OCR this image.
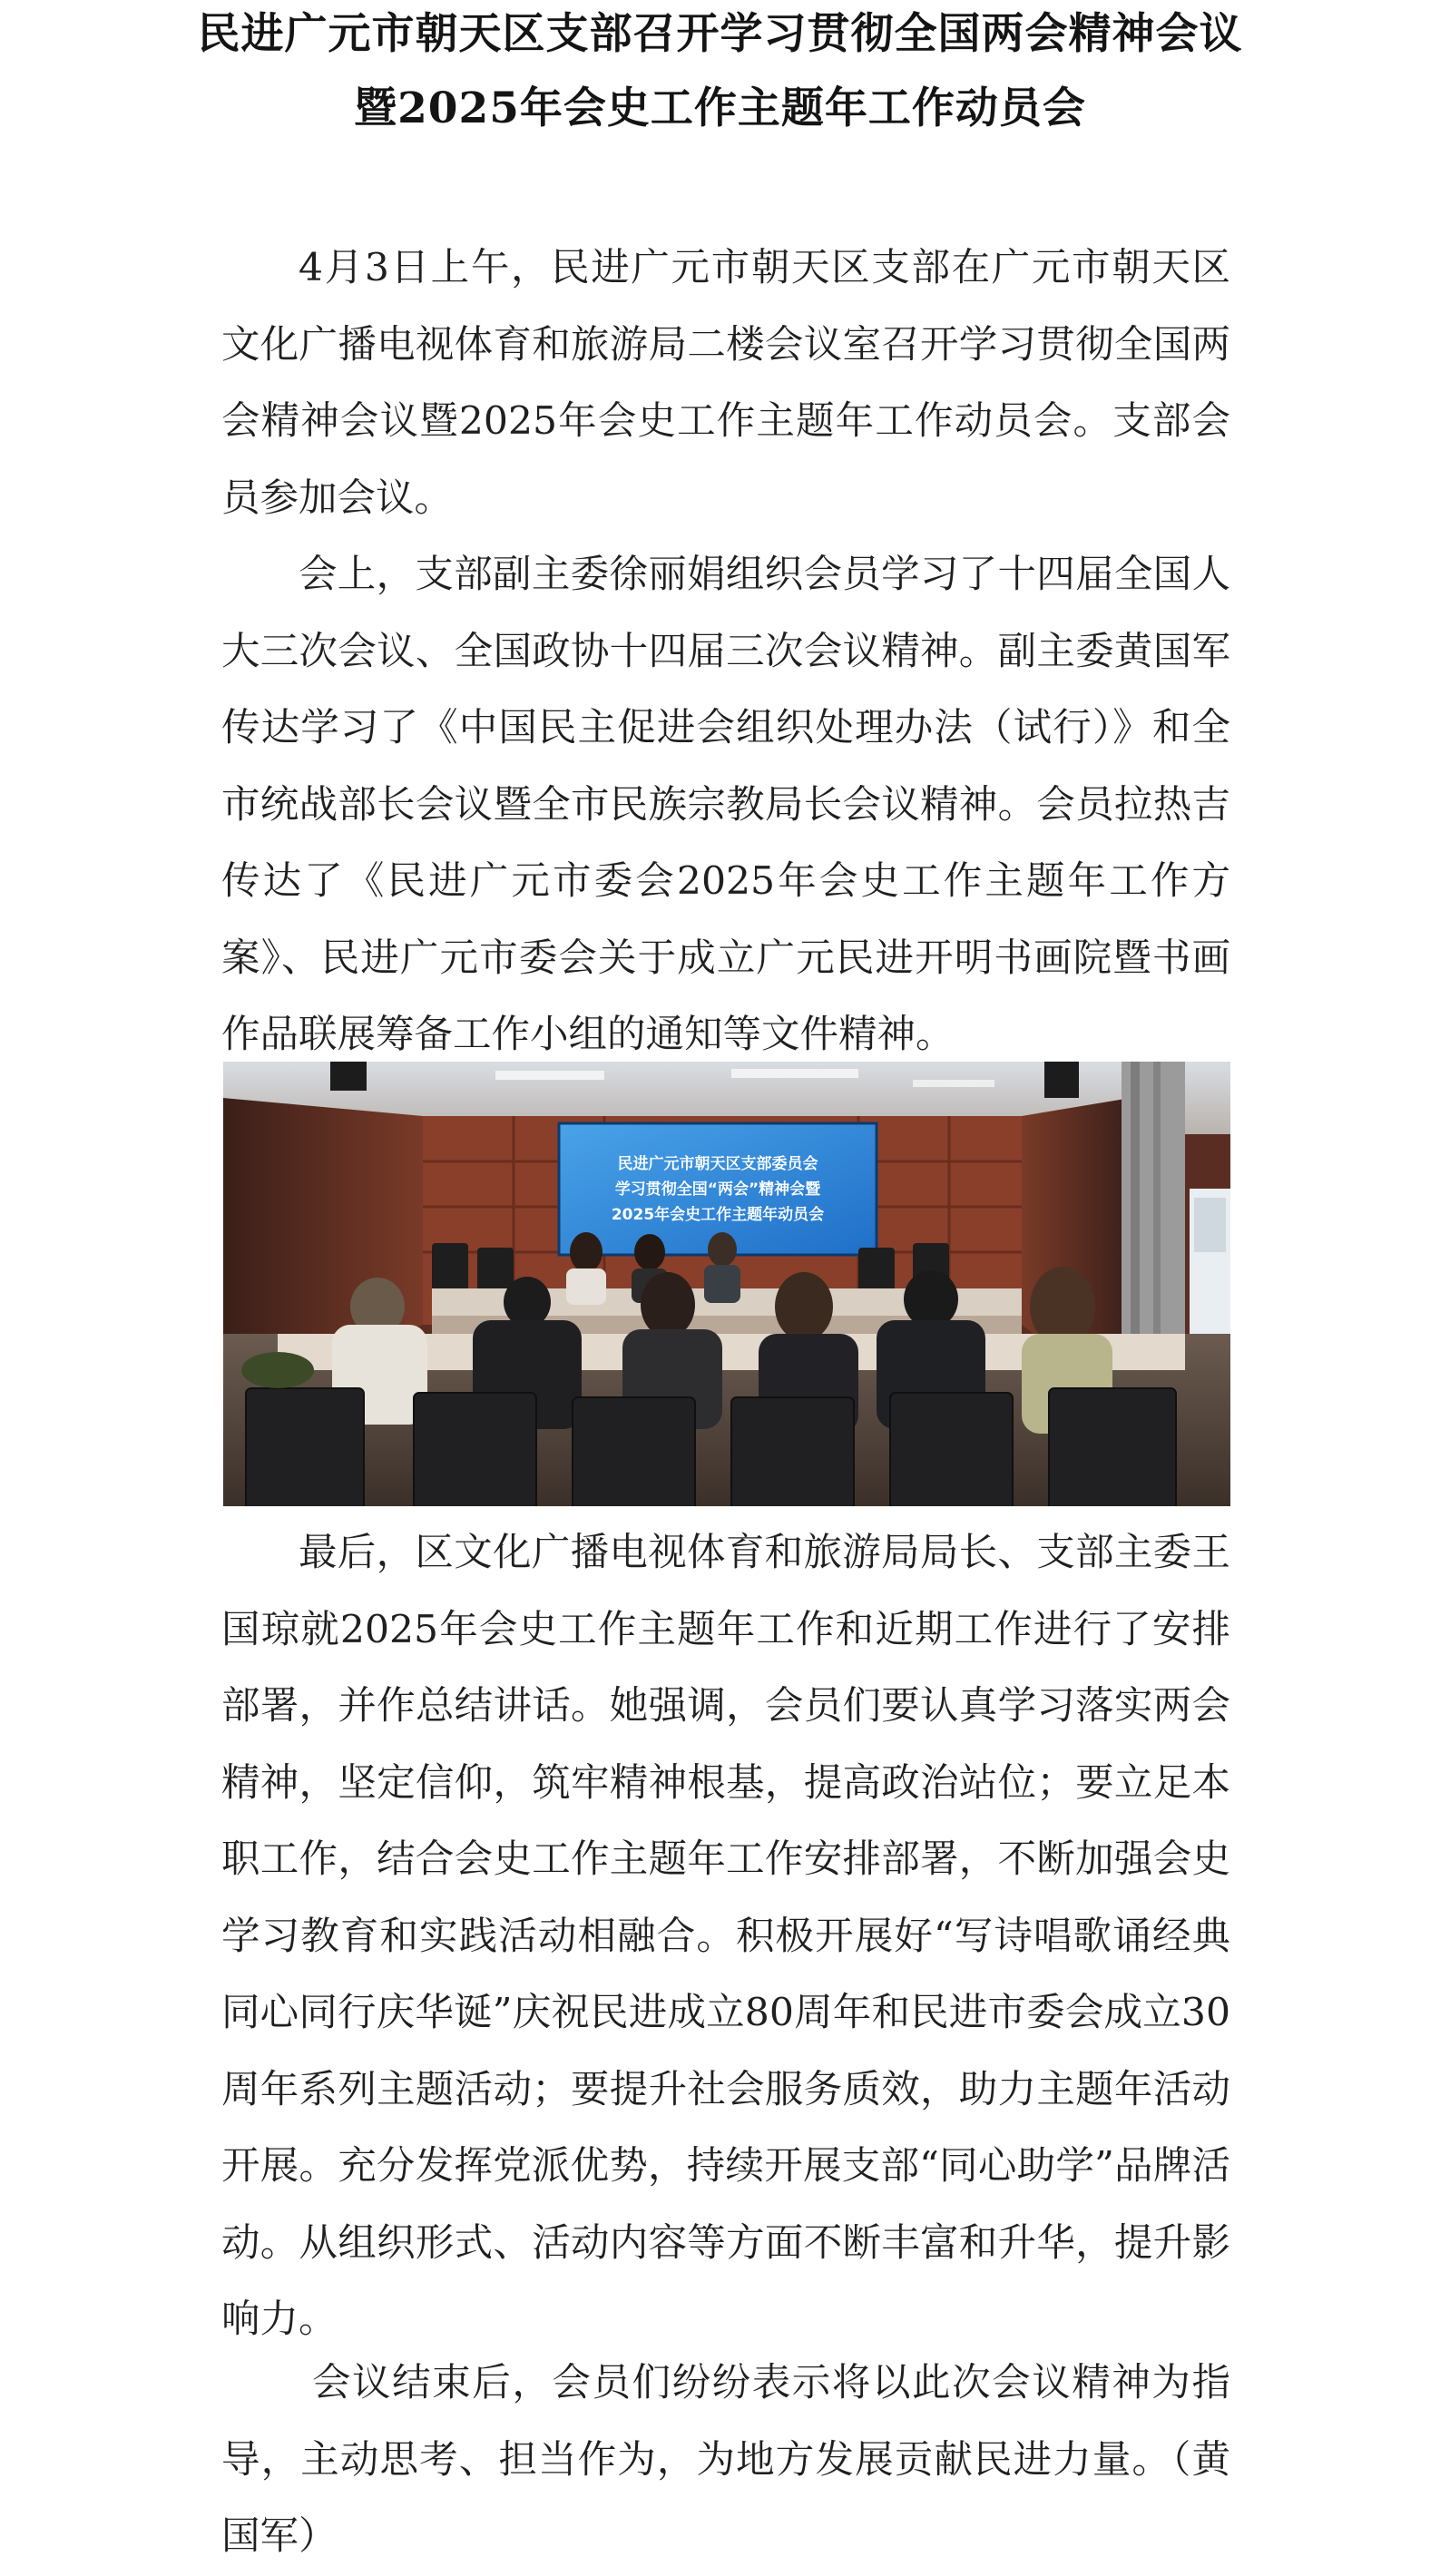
民进广元市朝天区支部召开学习贯彻全国两会精神会议
暨2025年会史工作主题年工作动员会

4月3日上午，民进广元市朝天区支部在广元市朝天区文化广播电视体育和旅游局二楼会议室召开学习贯彻全国两会精神会议暨2025年会史工作主题年工作动员会。支部会员参加会议。

会上，支部副主委徐丽娟组织会员学习了十四届全国人大三次会议、全国政协十四届三次会议精神。副主委黄国军传达学习了《中国民主促进会组织处理办法（试行）》和全市统战部长会议暨全市民族宗教局长会议精神。会员拉热吉传达了《民进广元市委会2025年会史工作主题年工作方案》、民进广元市委会关于成立广元民进开明书画院暨书画作品联展筹备工作小组的通知等文件精神。

民进广元市朝天区支部委员会
学习贯彻全国“两会”精神会暨
2025年会史工作主题年动员会

最后，区文化广播电视体育和旅游局局长、支部主委王国琼就2025年会史工作主题年工作和近期工作进行了安排部署，并作总结讲话。她强调，会员们要认真学习落实两会精神，坚定信仰，筑牢精神根基，提高政治站位；要立足本职工作，结合会史工作主题年工作安排部署，不断加强会史学习教育和实践活动相融合。积极开展好“写诗唱歌诵经典 同心同行庆华诞”庆祝民进成立80周年和民进市委会成立30周年系列主题活动；要提升社会服务质效，助力主题年活动开展。充分发挥党派优势，持续开展支部“同心助学”品牌活动。从组织形式、活动内容等方面不断丰富和升华，提升影响力。

会议结束后，会员们纷纷表示将以此次会议精神为指导，主动思考、担当作为，为地方发展贡献民进力量。（黄国军）
